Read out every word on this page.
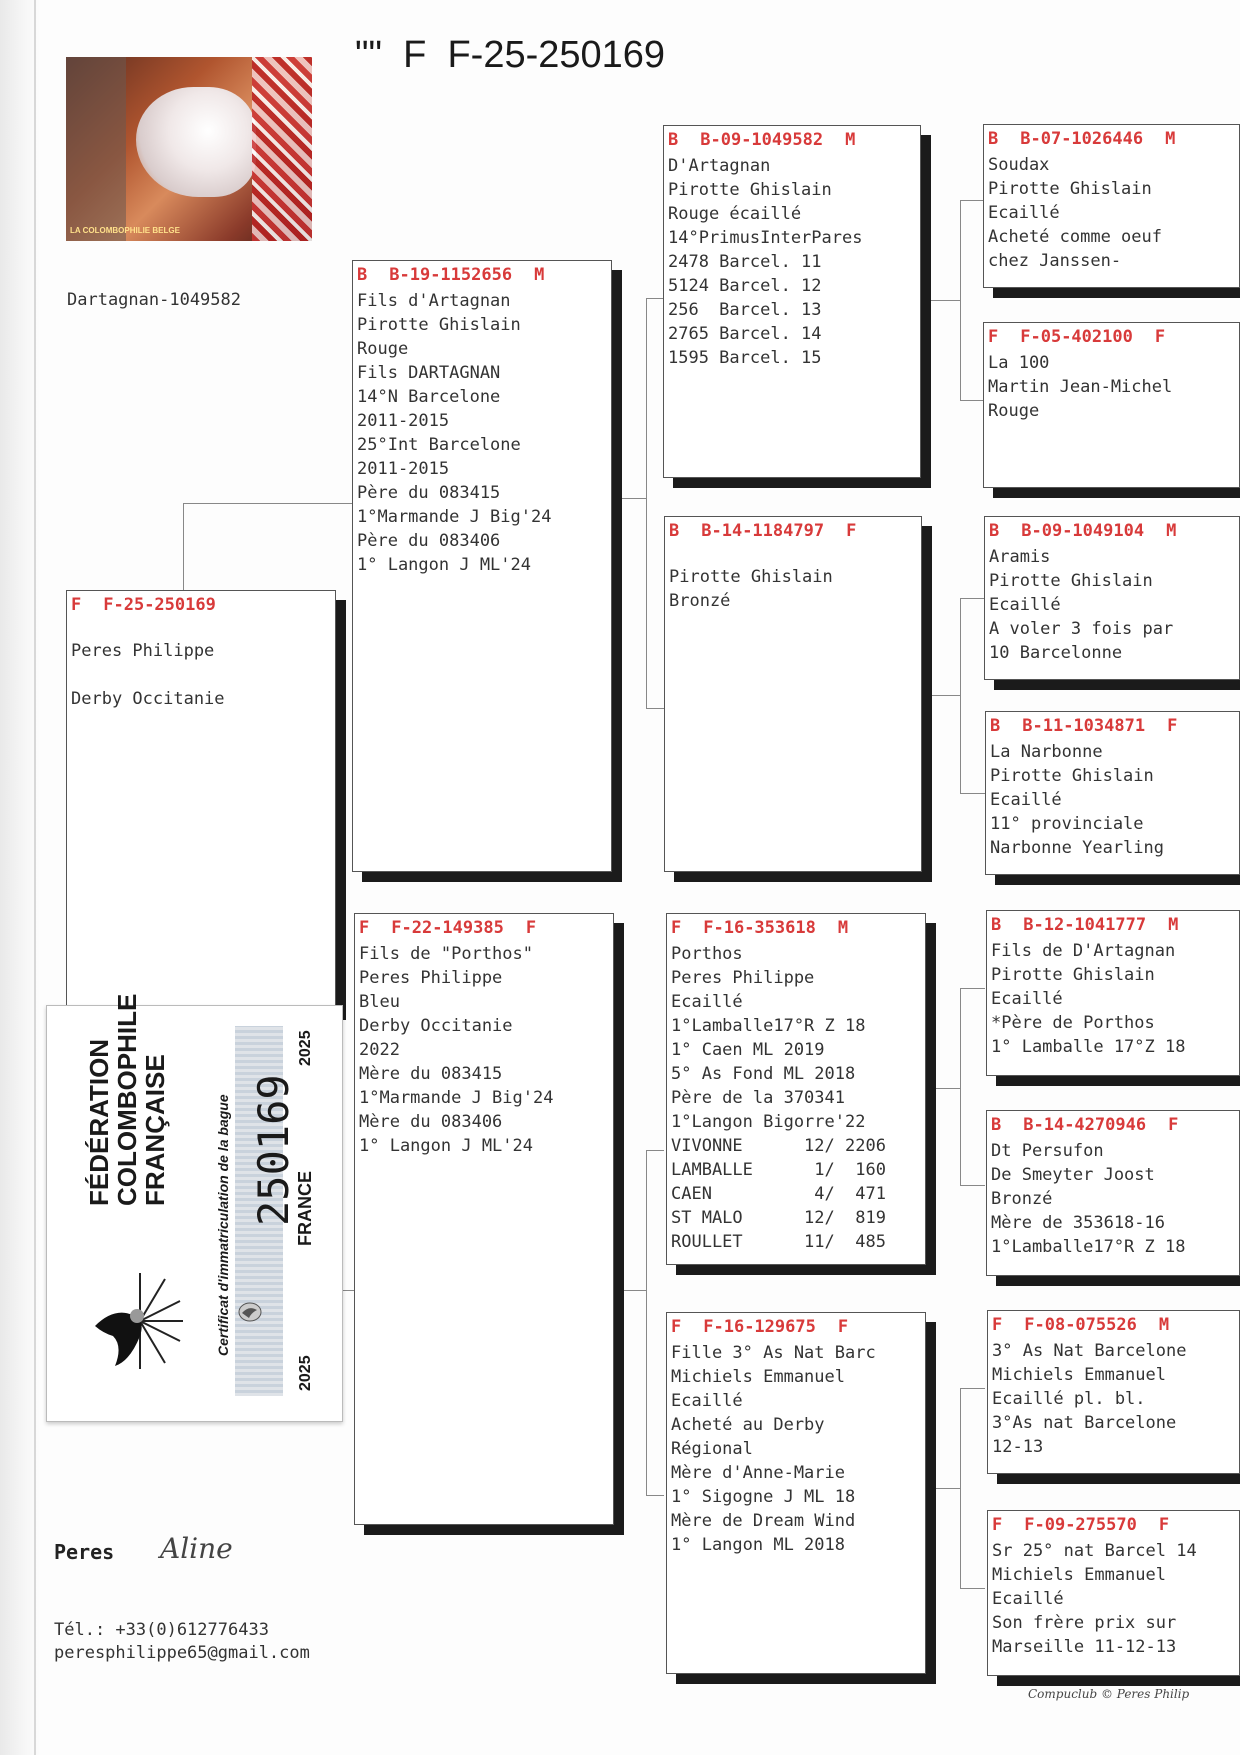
"" F F-25-250169
LA COLOMBOPHILIE BELGE
Dartagnan-1049582
F F-25-250169
Peres Philippe
Derby Occitanie
B B-19-1152656 M
Fils d'Artagnan
Pirotte Ghislain
Rouge
Fils DARTAGNAN
14°N Barcelone
2011-2015
25°Int Barcelone
2011-2015
Père du 083415
1°Marmande J Big'24
Père du 083406
1° Langon J ML'24
F F-22-149385 F
Fils de "Porthos"
Peres Philippe
Bleu
Derby Occitanie
2022
Mère du 083415
1°Marmande J Big'24
Mère du 083406
1° Langon J ML'24
B B-09-1049582 M
D'Artagnan
Pirotte Ghislain
Rouge écaillé
14°PrimusInterPares
2478 Barcel. 11
5124 Barcel. 12
256  Barcel. 13
2765 Barcel. 14
1595 Barcel. 15
B B-14-1184797 F
Pirotte Ghislain
Bronzé
F F-16-353618 M
Porthos
Peres Philippe
Ecaillé
1°Lamballe17°R Z 18
1° Caen ML 2019
5° As Fond ML 2018
Père de la 370341
1°Langon Bigorre'22
VIVONNE      12/ 2206
LAMBALLE      1/  160
CAEN          4/  471
ST MALO      12/  819
ROULLET      11/  485
F F-16-129675 F
Fille 3° As Nat Barc
Michiels Emmanuel
Ecaillé
Acheté au Derby
Régional
Mère d'Anne-Marie
1° Sigogne J ML 18
Mère de Dream Wind
1° Langon ML 2018
B B-07-1026446 M
Soudax
Pirotte Ghislain
Ecaillé
Acheté comme oeuf
chez Janssen-
F F-05-402100 F
La 100
Martin Jean-Michel
Rouge
B B-09-1049104 M
Aramis
Pirotte Ghislain
Ecaillé
A voler 3 fois par
10 Barcelonne
B B-11-1034871 F
La Narbonne
Pirotte Ghislain
Ecaillé
11° provinciale
Narbonne Yearling
B B-12-1041777 M
Fils de D'Artagnan
Pirotte Ghislain
Ecaillé
*Père de Porthos
1° Lamballe 17°Z 18
B B-14-4270946 F
Dt Persufon
De Smeyter Joost
Bronzé
Mère de 353618-16
1°Lamballe17°R Z 18
F F-08-075526 M
3° As Nat Barcelone
Michiels Emmanuel
Ecaillé pl. bl.
3°As nat Barcelone
12-13
F F-09-275570 F
Sr 25° nat Barcel 14
Michiels Emmanuel
Ecaillé
Son frère prix sur
Marseille 11-12-13
FÉDÉRATION
COLOMBOPHILE
FRANÇAISE	Certificat d'immatriculation de la bague 250169
FRANCE
2025
2025
Peres Aline
Tél.: +33(0)612776433
peresphilippe65@gmail.com
Compuclub © Peres Philip
